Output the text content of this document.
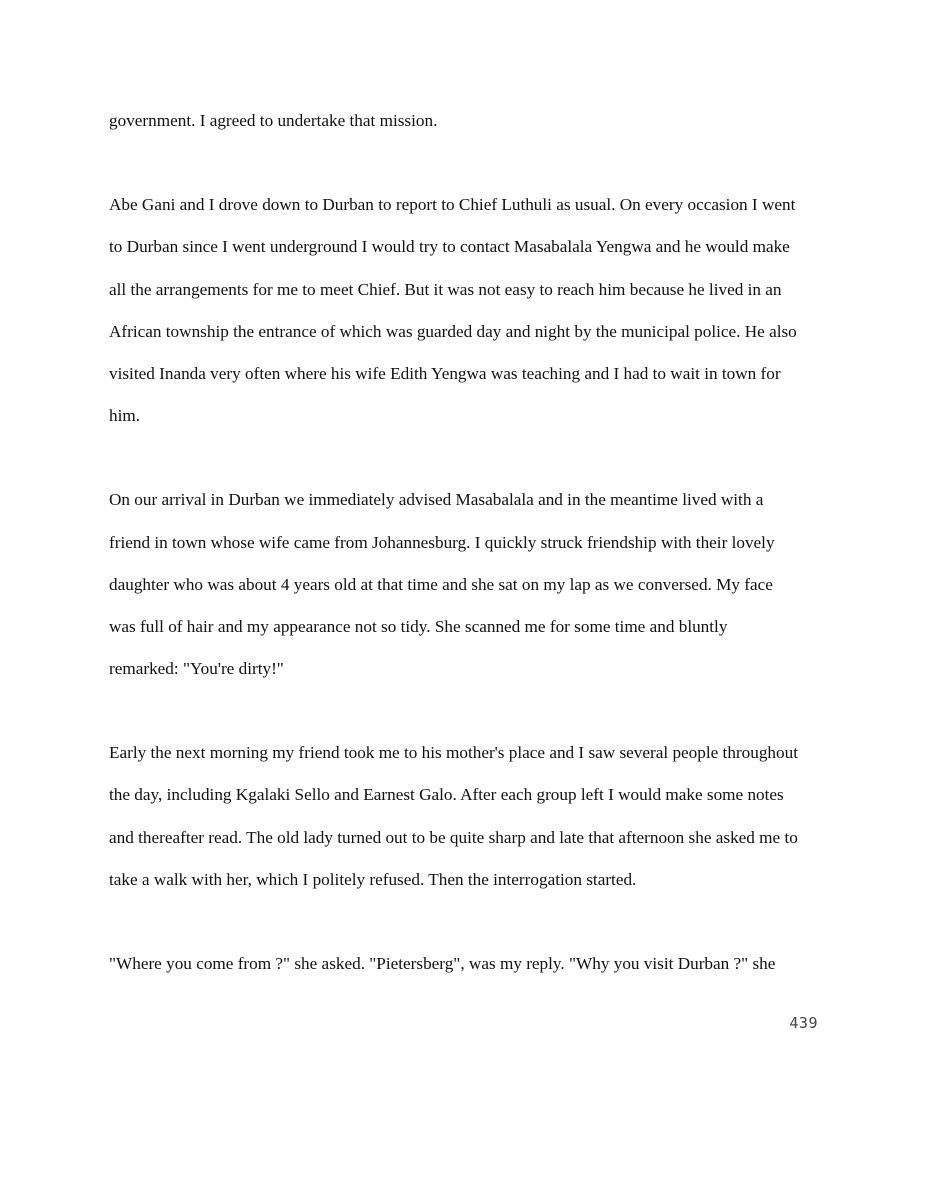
government. I agreed to undertake that mission.

Abe Gani and I drove down to Durban to report to Chief Luthuli as usual. On every occasion I went
to Durban since I went underground I would try to contact Masabalala Yengwa and he would make
all the arrangements for me to meet Chief. But it was not easy to reach him because he lived in an
African township the entrance of which was guarded day and night by the municipal police. He also
visited Inanda very often where his wife Edith Yengwa was teaching and I had to wait in town for
him.

On our arrival in Durban we immediately advised Masabalala and in the meantime lived with a
friend in town whose wife came from Johannesburg. I quickly struck friendship with their lovely
daughter who was about 4 years old at that time and she sat on my lap as we conversed. My face
was full of hair and my appearance not so tidy. She scanned me for some time and bluntly
remarked: "You're dirty!"

Early the next morning my friend took me to his mother's place and I saw several people throughout
the day, including Kgalaki Sello and Earnest Galo. After each group left I would make some notes
and thereafter read. The old lady turned out to be quite sharp and late that afternoon she asked me to
take a walk with her, which I politely refused. Then the interrogation started.

"Where you come from ?" she asked. "Pietersberg", was my reply. "Why you visit Durban ?" she

439
